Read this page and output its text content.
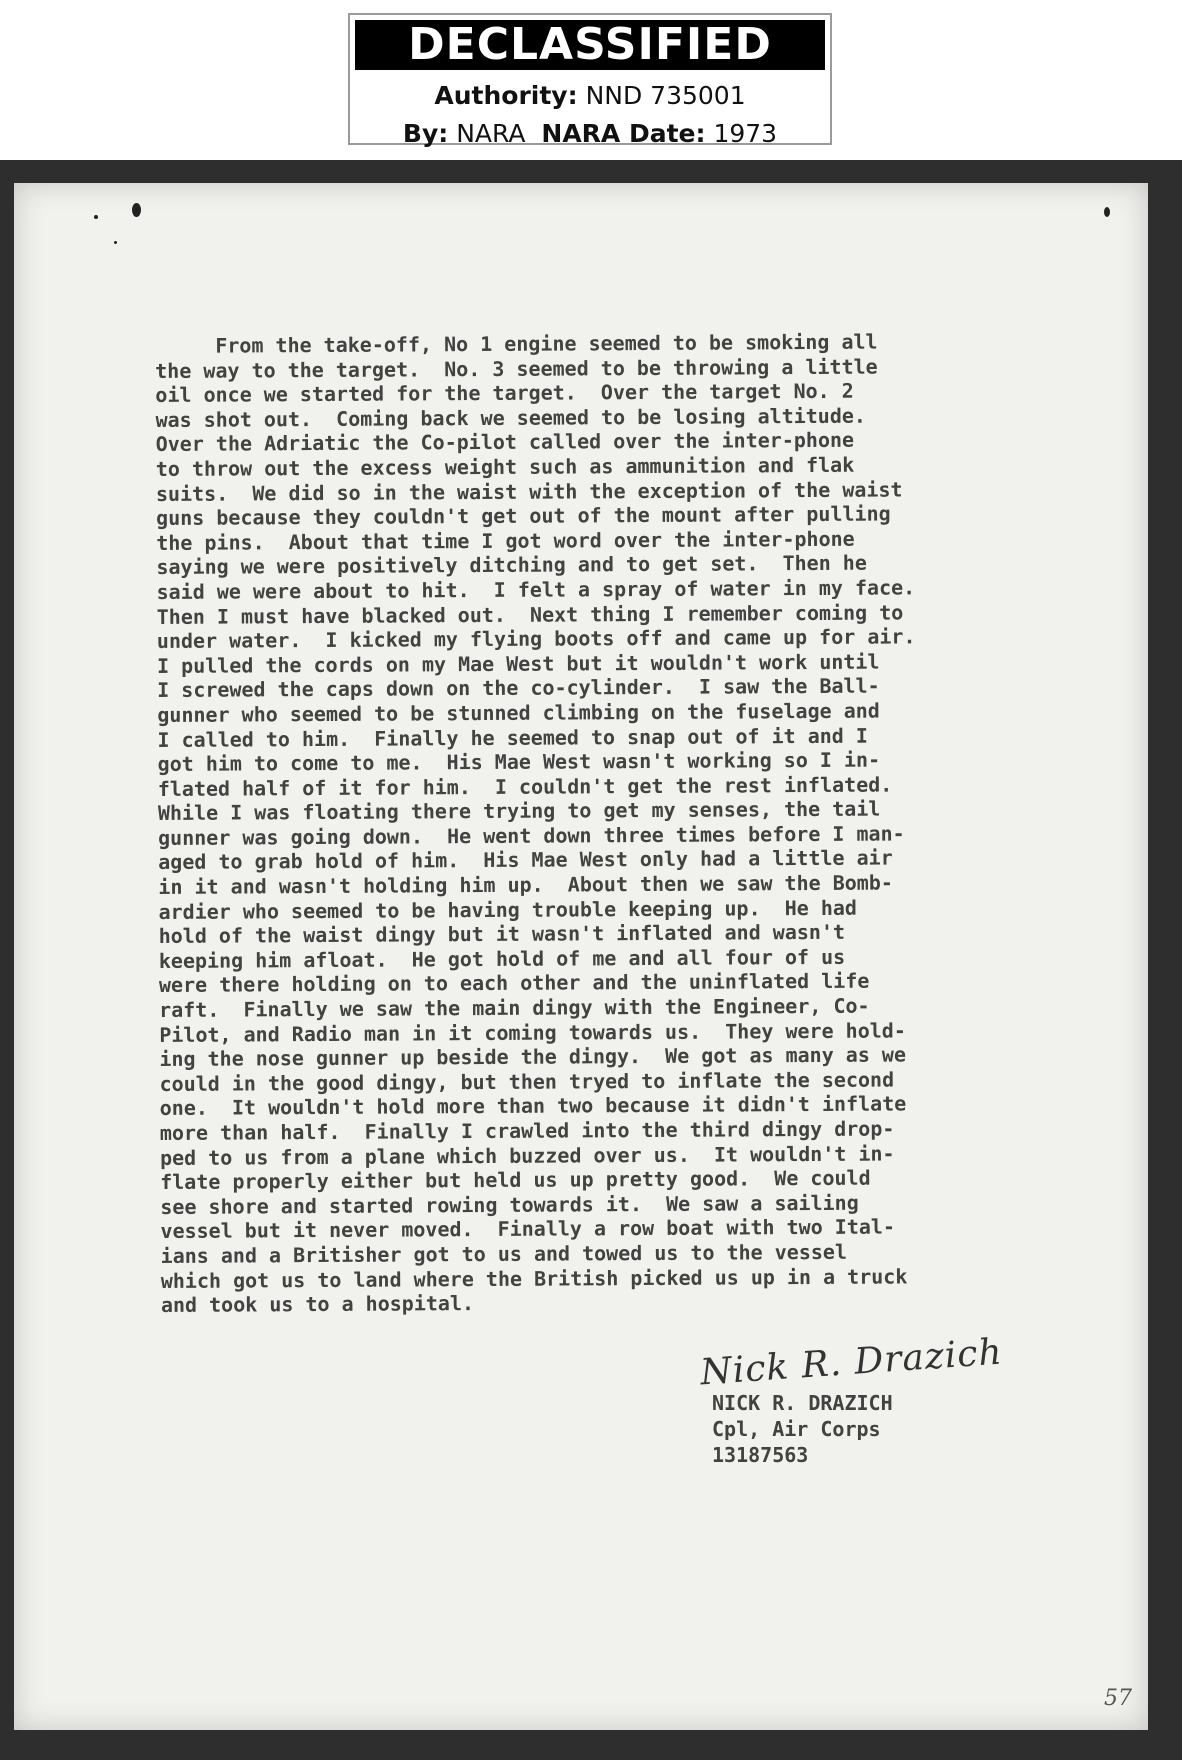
DECLASSIFIED
Authority: NND 735001
By: NARA NARA Date: 1973
From the take-off, No 1 engine seemed to be smoking all
the way to the target.  No. 3 seemed to be throwing a little
oil once we started for the target.  Over the target No. 2
was shot out.  Coming back we seemed to be losing altitude.
Over the Adriatic the Co-pilot called over the inter-phone
to throw out the excess weight such as ammunition and flak
suits.  We did so in the waist with the exception of the waist
guns because they couldn't get out of the mount after pulling
the pins.  About that time I got word over the inter-phone
saying we were positively ditching and to get set.  Then he
said we were about to hit.  I felt a spray of water in my face.
Then I must have blacked out.  Next thing I remember coming to
under water.  I kicked my flying boots off and came up for air.
I pulled the cords on my Mae West but it wouldn't work until
I screwed the caps down on the co-cylinder.  I saw the Ball-
gunner who seemed to be stunned climbing on the fuselage and
I called to him.  Finally he seemed to snap out of it and I
got him to come to me.  His Mae West wasn't working so I in-
flated half of it for him.  I couldn't get the rest inflated.
While I was floating there trying to get my senses, the tail
gunner was going down.  He went down three times before I man-
aged to grab hold of him.  His Mae West only had a little air
in it and wasn't holding him up.  About then we saw the Bomb-
ardier who seemed to be having trouble keeping up.  He had
hold of the waist dingy but it wasn't inflated and wasn't
keeping him afloat.  He got hold of me and all four of us
were there holding on to each other and the uninflated life
raft.  Finally we saw the main dingy with the Engineer, Co-
Pilot, and Radio man in it coming towards us.  They were hold-
ing the nose gunner up beside the dingy.  We got as many as we
could in the good dingy, but then tryed to inflate the second
one.  It wouldn't hold more than two because it didn't inflate
more than half.  Finally I crawled into the third dingy drop-
ped to us from a plane which buzzed over us.  It wouldn't in-
flate properly either but held us up pretty good.  We could
see shore and started rowing towards it.  We saw a sailing
vessel but it never moved.  Finally a row boat with two Ital-
ians and a Britisher got to us and towed us to the vessel
which got us to land where the British picked us up in a truck
and took us to a hospital.
Nick R. Drazich
NICK R. DRAZICH
Cpl, Air Corps
13187563
57
